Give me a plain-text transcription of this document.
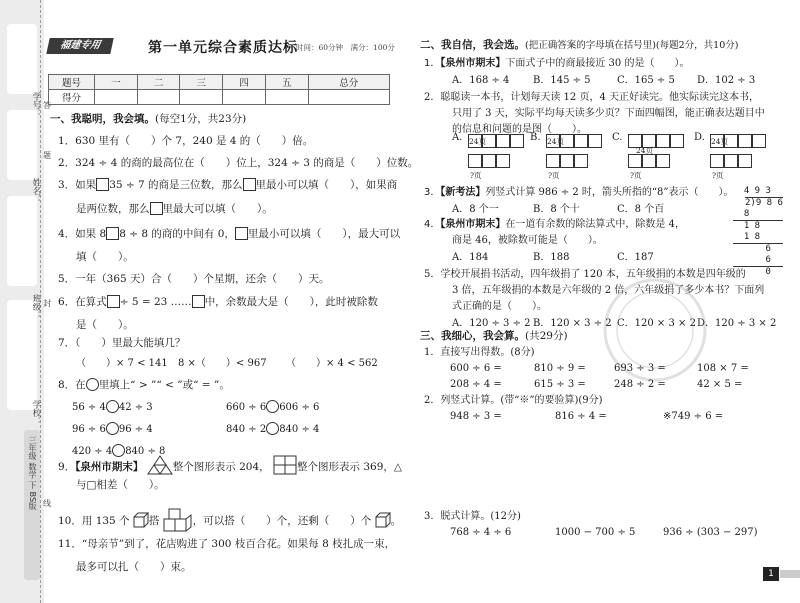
学号：
姓名：
班级：
学校：
答
题
封
线
三年级 数学 下 BS版
福建专用	第一单元综合素质达标
时间：60分钟　满分：100分
题号	一	二	三	四	五	总分
得分						
一、我聪明，我会填。(每空1分，共23分)
1．630 里有（　　）个 7，240 是 4 的（　　）倍。
2．324 ÷ 4 的商的最高位在（　　）位上，324 ÷ 3 的商是（　　）位数。
3．如果 35 ÷ 7 的商是三位数，那么 里最小可以填（　　），如果商
是两位数，那么 里最大可以填（　　）。
4．如果 8 8 ÷ 8 的商的中间有 0， 里最小可以填（　　），最大可以
填（　　）。
5．一年（365 天）合（　　）个星期，还余（　　）天。
6．在算式 ÷ 5 = 23 …… 中，余数最大是（　　），此时被除数
是（　　）。
7．（　　）里最大能填几？
（　　）× 7 < 141 8 ×（　　）< 967 （　　）× 4 < 562
8．在 里填上“ > ”“ < ”或“ = ”。
56 ÷ 4 42 ÷ 3	660 ÷ 6 606 ÷ 6
96 ÷ 6 96 ÷ 4	840 ÷ 2 840 ÷ 4
420 ÷ 4 840 ÷ 8
9．【泉州市期末】	整个图形表示 204，	整个图形表示 369，△
与□相差（　　）。
10．用 135 个 搭	，可以搭（　　）个，还剩（　　）个 。
11．“母亲节”到了，花店购进了 300 枝百合花。如果每 8 枝扎成一束，
最多可以扎（　　）束。
二、我自信，我会选。(把正确答案的字母填在括号里)(每题2分，共10分)
1．【泉州市期末】下面式子中的商最接近 30 的是（　　）。
A．168 ÷ 4 B．145 ÷ 5	C．165 ÷ 5 D．102 ÷ 3
2．聪聪读一本书，计划每天读 12 页，4 天正好读完。他实际读完这本书，
只用了 3 天，实际平均每天读多少页？下面四幅图，能正确表达题目中
的信息和问题的是图（　　）。
A. 24页
?页
B. 24页
?页
C.
24页
?页
D. 24页
?页
3．【新考法】列竖式计算 986 ÷ 2 时，箭头所指的“8”表示（　　）。
A．8 个一	B．8 个十	C．8 个百
4 9 3
2)9 8 6
8
1 8
1 8
6
6
0
4．【泉州市期末】在一道有余数的除法算式中，除数是 4，
商是 46，被除数可能是（　　）。
A．184	B．188	C．187
5．学校开展捐书活动，四年级捐了 120 本，五年级捐的本数是四年级的
3 倍，五年级捐的本数是六年级的 2 倍，六年级捐了多少本书？下面列
式正确的是（　　）。
A．120 ÷ 3 ÷ 2 B．120 × 3 ÷ 2 C．120 × 3 × 2 D．120 ÷ 3 × 2
三、我细心，我会算。(共29分)
1．直接写出得数。(8分)
600 ÷ 6 =	810 ÷ 9 =	693 ÷ 3 =	108 × 7 =
208 ÷ 4 =	615 ÷ 3 =	248 ÷ 2 =	42 × 5 =
2．列竖式计算。(带“※”的要验算)(9分)
948 ÷ 3 =	816 ÷ 4 =	※749 ÷ 6 =
3．脱式计算。(12分)
768 ÷ 4 ÷ 6	1000 − 700 ÷ 5	936 ÷ (303 − 297)
1
